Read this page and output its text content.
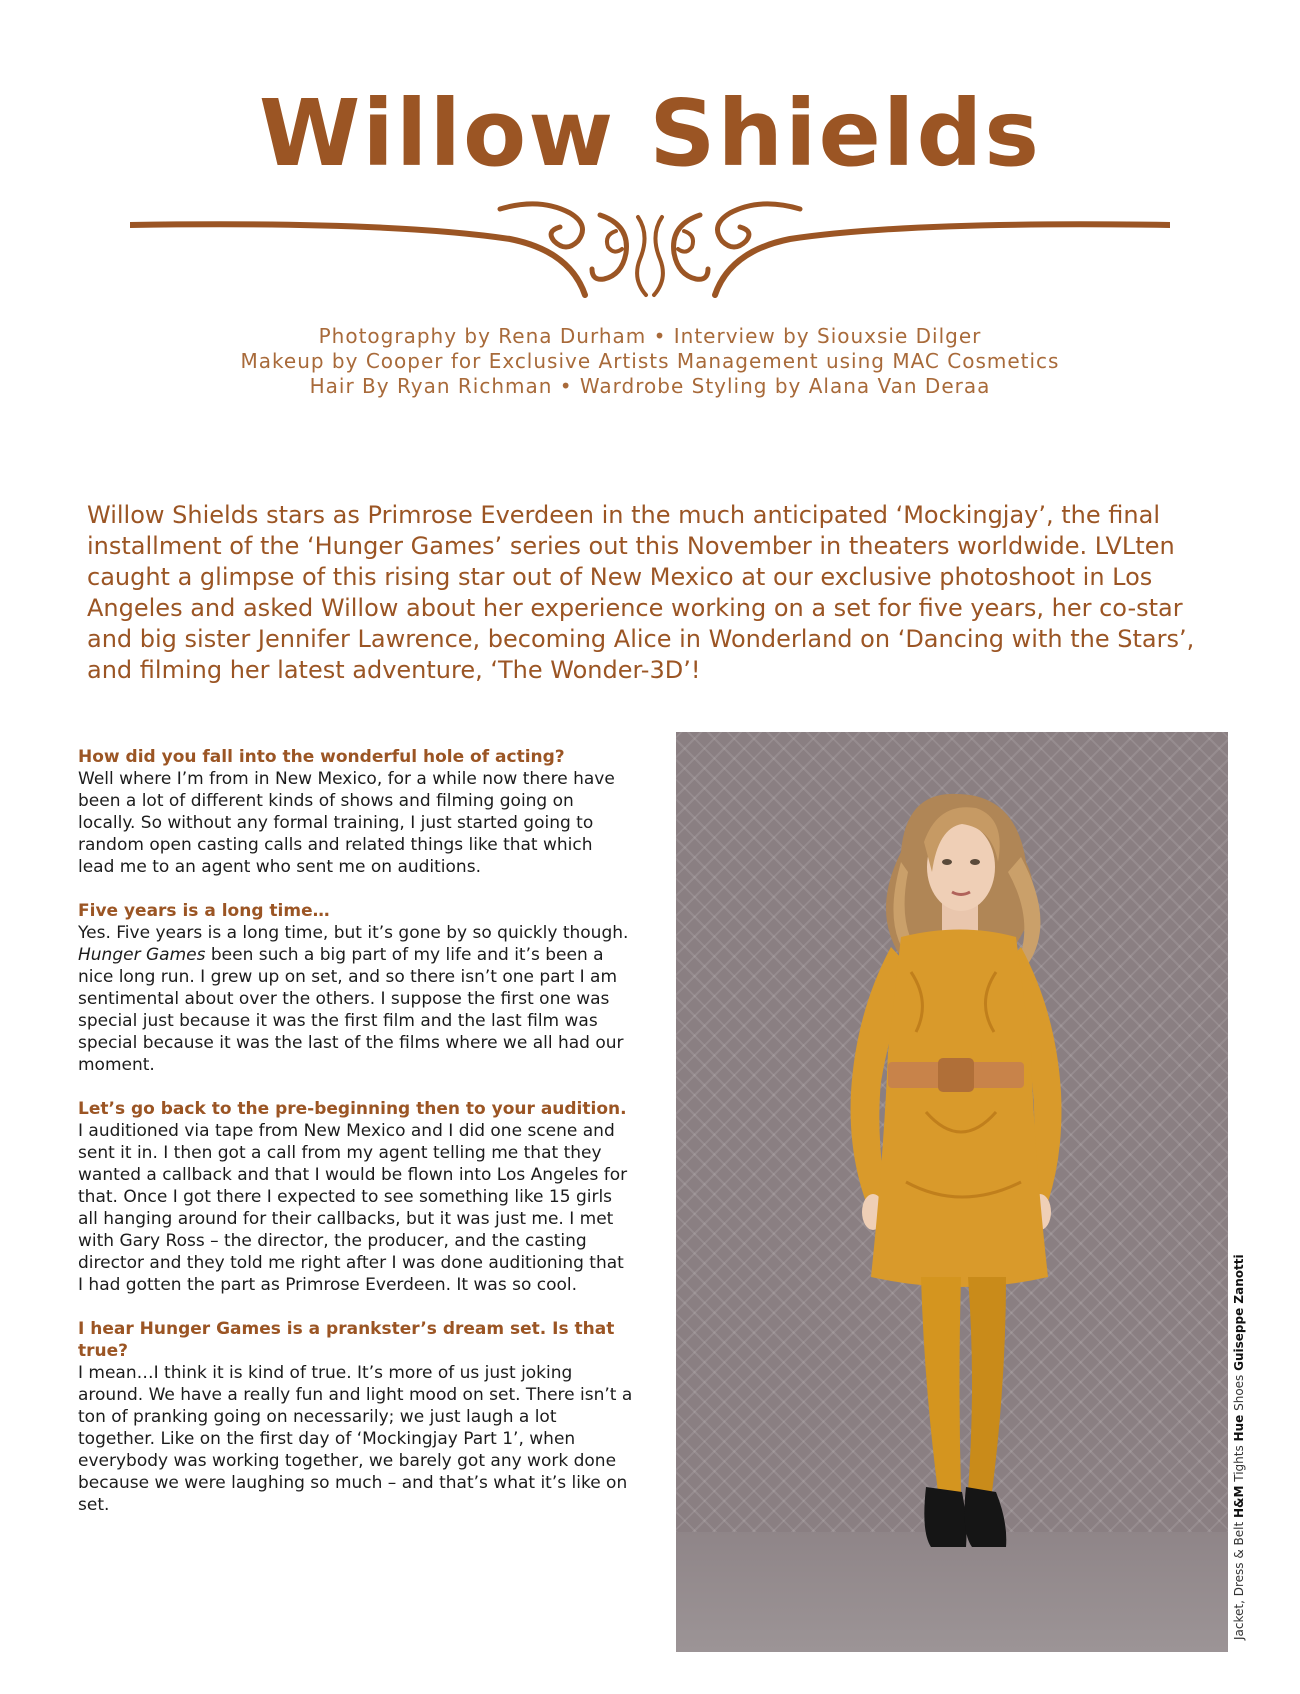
Willow Shields
Photography by Rena Durham • Interview by Siouxsie Dilger
Makeup by Cooper for Exclusive Artists Management using MAC Cosmetics
Hair By Ryan Richman • Wardrobe Styling by Alana Van Deraa

Willow Shields stars as Primrose Everdeen in the much anticipated ‘Mockingjay’, the final installment of the ‘Hunger Games’ series out this November in theaters worldwide. LVLten caught a glimpse of this rising star out of New Mexico at our exclusive photoshoot in Los Angeles and asked Willow about her experience working on a set for five years, her co-star and big sister Jennifer Lawrence, becoming Alice in Wonderland on ‘Dancing with the Stars’, and filming her latest adventure, ‘The Wonder-3D’!

How did you fall into the wonderful hole of acting?
Well where I’m from in New Mexico, for a while now there have been a lot of different kinds of shows and filming going on locally. So without any formal training, I just started going to random open casting calls and related things like that which lead me to an agent who sent me on auditions.
Five years is a long time…
Yes. Five years is a long time, but it’s gone by so quickly though. Hunger Games been such a big part of my life and it’s been a nice long run. I grew up on set, and so there isn’t one part I am sentimental about over the others. I suppose the first one was special just because it was the first film and the last film was special because it was the last of the films where we all had our moment.
Let’s go back to the pre-beginning then to your audition.
I auditioned via tape from New Mexico and I did one scene and sent it in. I then got a call from my agent telling me that they wanted a callback and that I would be flown into Los Angeles for that. Once I got there I expected to see something like 15 girls all hanging around for their callbacks, but it was just me. I met with Gary Ross – the director, the producer, and the casting director and they told me right after I was done auditioning that I had gotten the part as Primrose Everdeen. It was so cool.
I hear Hunger Games is a prankster’s dream set. Is that true?
I mean…I think it is kind of true. It’s more of us just joking around. We have a really fun and light mood on set. There isn’t a ton of pranking going on necessarily; we just laugh a lot together. Like on the first day of ‘Mockingjay Part 1’, when everybody was working together, we barely got any work done because we were laughing so much – and that’s what it’s like on set.
Jacket, Dress & Belt H&M Tights Hue Shoes Guiseppe Zanotti
